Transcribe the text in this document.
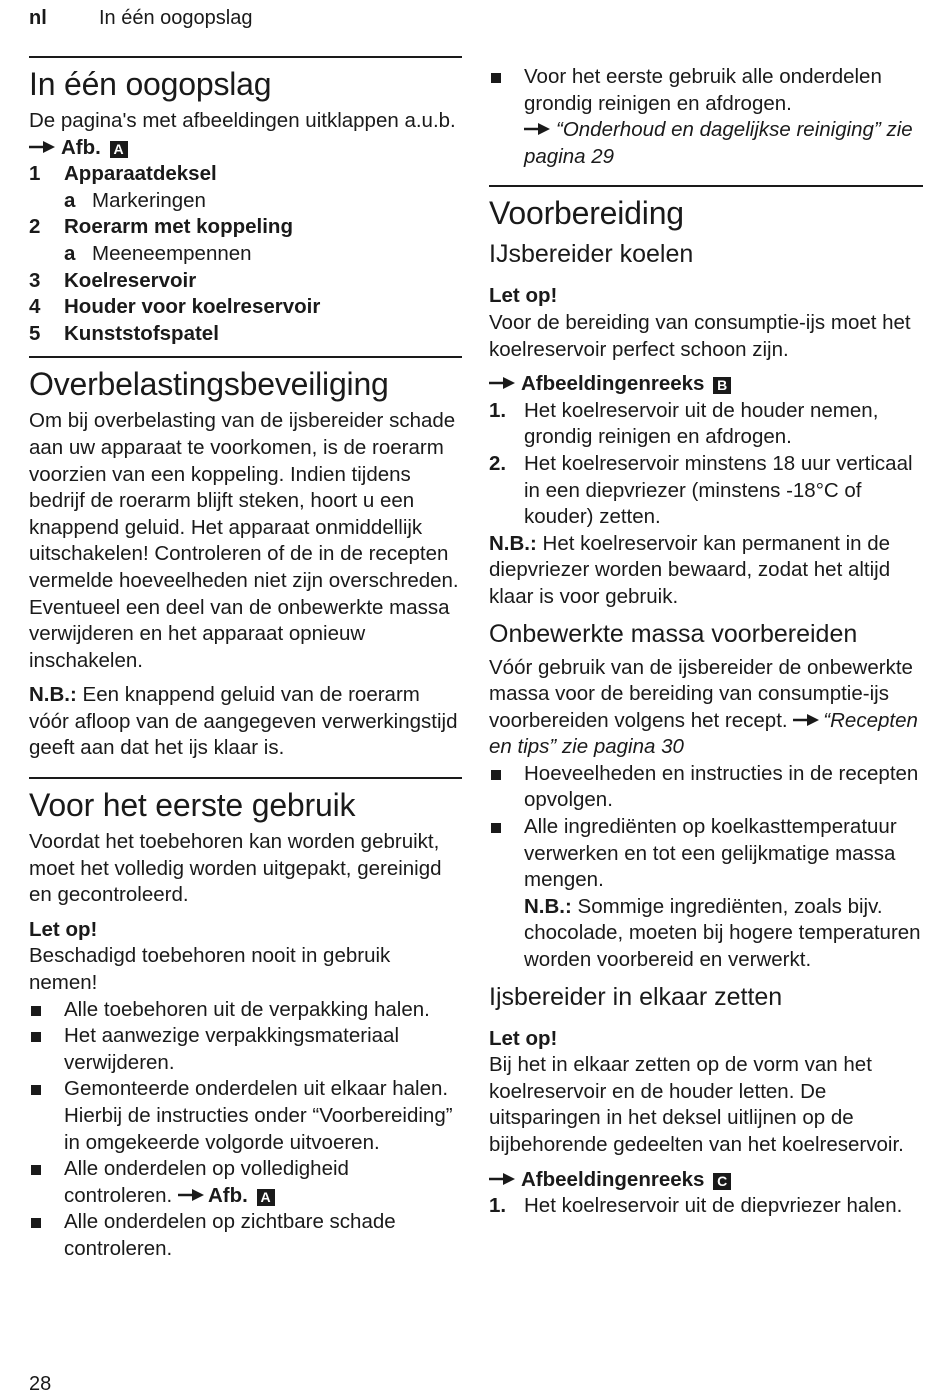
nl	In één oogopslag
In één oogopslag

De pagina's met afbeeldingen uitklappen a.u.b.

Afb. A

1 Apparaatdeksel
a Markeringen
2 Roerarm met koppeling
a Meeneempennen
3 Koelreservoir
4 Houder voor koelreservoir
5 Kunststofspatel
Overbelastingsbeveiliging

Om bij overbelasting van de ijsbereider schade aan uw apparaat te voorkomen, is de roerarm voorzien van een koppeling. Indien tijdens bedrijf de roerarm blijft steken, hoort u een knappend geluid. Het apparaat onmiddellijk uitschakelen! Controleren of de in de recepten vermelde hoeveelheden niet zijn overschreden. Eventueel een deel van de onbewerkte massa verwijderen en het apparaat opnieuw inschakelen.

N.B.: Een knappend geluid van de roerarm vóór afloop van de aangegeven verwerkingstijd geeft aan dat het ijs klaar is.

Voor het eerste gebruik

Voordat het toebehoren kan worden gebruikt, moet het volledig worden uitgepakt, gereinigd en gecontroleerd.

Let op!

Beschadigd toebehoren nooit in gebruik nemen!

Alle toebehoren uit de verpakking halen.
Het aanwezige verpakkingsmateriaal verwijderen.
Gemonteerde onderdelen uit elkaar halen. Hierbij de instructies onder “Voorbereiding” in omgekeerde volgorde uitvoeren.
Alle onderdelen op volledigheid controleren. Afb. A
Alle onderdelen op zichtbare schade controleren.
Voor het eerste gebruik alle onderdelen grondig reinigen en afdrogen.
“Onderhoud en dagelijkse reiniging” zie pagina 29
Voorbereiding
IJsbereider koelen

Let op!

Voor de bereiding van consumptie-ijs moet het koelreservoir perfect schoon zijn.

Afbeeldingenreeks B

1. Het koelreservoir uit de houder nemen, grondig reinigen en afdrogen.
2. Het koelreservoir minstens 18 uur verticaal in een diepvriezer (minstens -18°C of kouder) zetten.

N.B.: Het koelreservoir kan permanent in de diepvriezer worden bewaard, zodat het altijd klaar is voor gebruik.

Onbewerkte massa voorbereiden

Vóór gebruik van de ijsbereider de onbewerkte massa voor de bereiding van consumptie-ijs voorbereiden volgens het recept. “Recepten en tips” zie pagina 30

Hoeveelheden en instructies in de recepten opvolgen.
Alle ingrediënten op koelkasttemperatuur verwerken en tot een gelijkmatige massa mengen.
N.B.: Sommige ingrediënten, zoals bijv. chocolade, moeten bij hogere temperaturen worden voorbereid en verwerkt.
Ijsbereider in elkaar zetten

Let op!

Bij het in elkaar zetten op de vorm van het koelreservoir en de houder letten. De uitsparingen in het deksel uitlijnen op de bijbehorende gedeelten van het koelreservoir.

Afbeeldingenreeks C

1. Het koelreservoir uit de diepvriezer halen.
28
